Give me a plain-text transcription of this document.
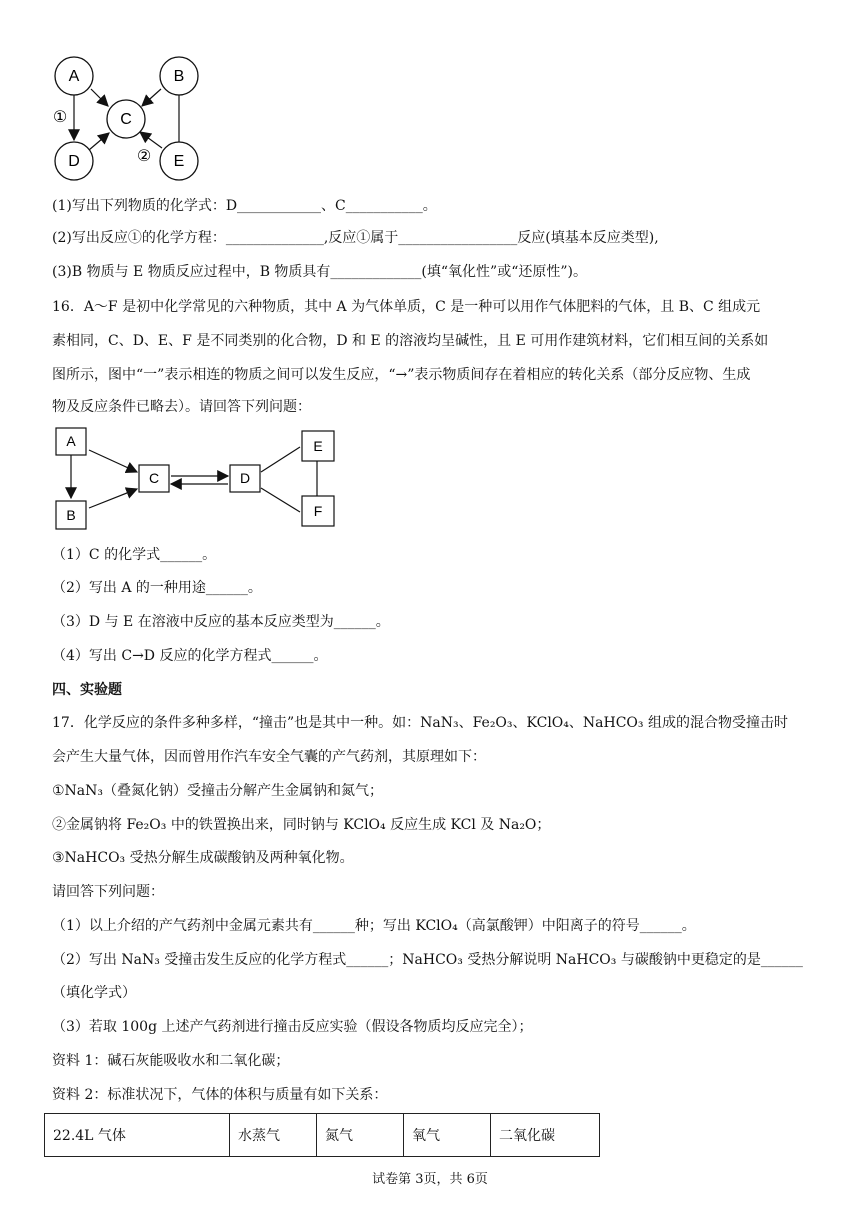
A	B
C
D	E
①
②
(1)写出下列物质的化学式：D____________、C___________。
(2)写出反应①的化学方程：______________,反应①属于_________________反应(填基本反应类型),
(3)B 物质与 E 物质反应过程中，B 物质具有_____________(填“氧化性”或“还原性”)。
16．A～F 是初中化学常见的六种物质，其中 A 为气体单质，C 是一种可以用作气体肥料的气体，且 B、C 组成元
素相同，C、D、E、F 是不同类别的化合物，D 和 E 的溶液均呈碱性，且 E 可用作建筑材料，它们相互间的关系如
图所示，图中“一”表示相连的物质之间可以发生反应，“→”表示物质间存在着相应的转化关系（部分反应物、生成
物及反应条件已略去）。请回答下列问题：
A
B
C	D
E
F
（1）C 的化学式______。
（2）写出 A 的一种用途______。
（3）D 与 E 在溶液中反应的基本反应类型为______。
（4）写出 C→D 反应的化学方程式______。
四、实验题
17．化学反应的条件多种多样，“撞击”也是其中一种。如：NaN₃、Fe₂O₃、KClO₄、NaHCO₃ 组成的混合物受撞击时
会产生大量气体，因而曾用作汽车安全气囊的产气药剂，其原理如下：
①NaN₃（叠氮化钠）受撞击分解产生金属钠和氮气；
②金属钠将 Fe₂O₃ 中的铁置换出来，同时钠与 KClO₄ 反应生成 KCl 及 Na₂O；
③NaHCO₃ 受热分解生成碳酸钠及两种氧化物。
请回答下列问题：
（1）以上介绍的产气药剂中金属元素共有______种；写出 KClO₄（高氯酸钾）中阳离子的符号______。
（2）写出 NaN₃ 受撞击发生反应的化学方程式______；NaHCO₃ 受热分解说明 NaHCO₃ 与碳酸钠中更稳定的是______
（填化学式）
（3）若取 100g 上述产气药剂进行撞击反应实验（假设各物质均反应完全）；
资料 1：碱石灰能吸收水和二氧化碳；
资料 2：标准状况下，气体的体积与质量有如下关系：
22.4L 气体	水蒸气	氮气	氧气	二氧化碳
试卷第 3页，共 6页
